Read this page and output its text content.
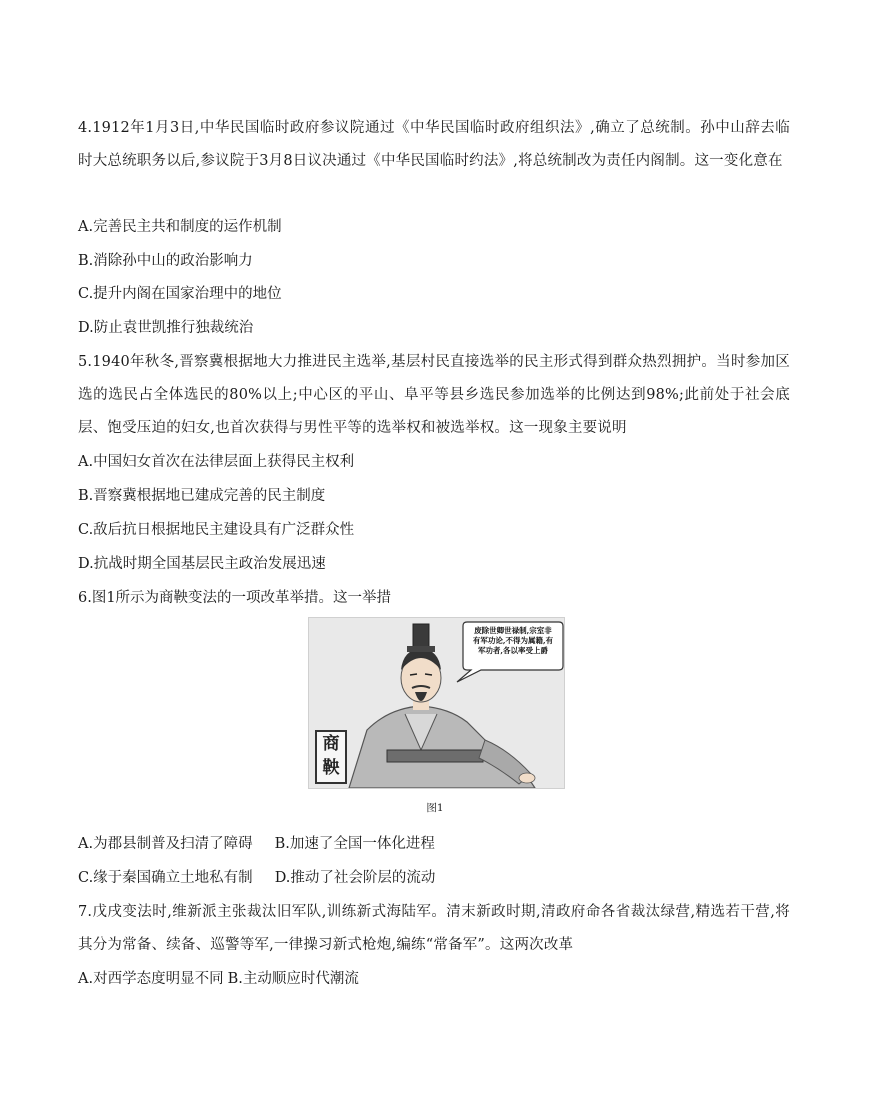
4.1912年1月3日,中华民国临时政府参议院通过《中华民国临时政府组织法》,确立了总统制。孙中山辞去临时大总统职务以后,参议院于3月8日议决通过《中华民国临时约法》,将总统制改为责任内阁制。这一变化意在

A.完善民主共和制度的运作机制
B.消除孙中山的政治影响力
C.提升内阁在国家治理中的地位
D.防止袁世凯推行独裁统治

5.1940年秋冬,晋察冀根据地大力推进民主选举,基层村民直接选举的民主形式得到群众热烈拥护。当时参加区选的选民占全体选民的80%以上;中心区的平山、阜平等县乡选民参加选举的比例达到98%;此前处于社会底层、饱受压迫的妇女,也首次获得与男性平等的选举权和被选举权。这一现象主要说明

A.中国妇女首次在法律层面上获得民主权利
B.晋察冀根据地已建成完善的民主制度
C.敌后抗日根据地民主建设具有广泛群众性
D.抗战时期全国基层民主政治发展迅速
6.图1所示为商鞅变法的一项改革举措。这一举措
废除世卿世禄制,宗室非有军功论,不得为属籍,有军功者,各以率受上爵
商
鞅
图1
A.为郡县制普及扫清了障碍 B.加速了全国一体化进程
C.缘于秦国确立土地私有制 D.推动了社会阶层的流动

7.戊戌变法时,维新派主张裁汰旧军队,训练新式海陆军。清末新政时期,清政府命各省裁汰绿营,精选若干营,将其分为常备、续备、巡警等军,一律操习新式枪炮,编练“常备军”。这两次改革

A.对西学态度明显不同 B.主动顺应时代潮流
